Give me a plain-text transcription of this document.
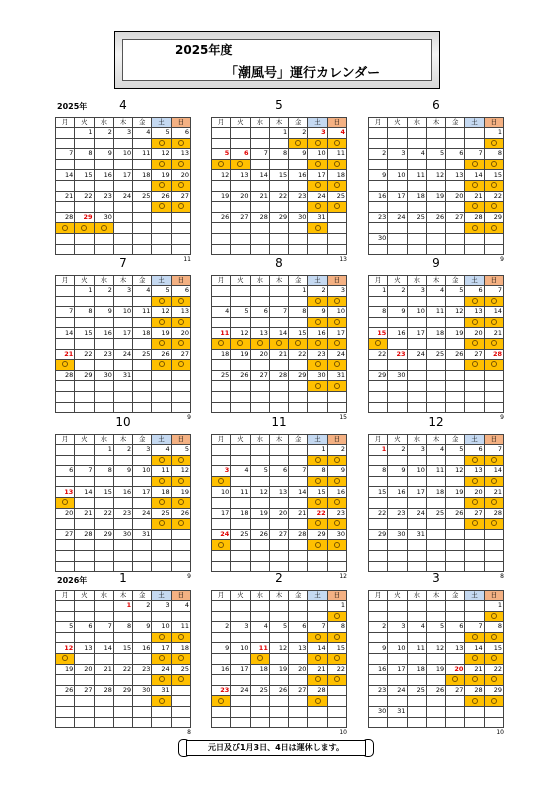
2025年度
「潮風号」運行カレンダー
2025年
2026年
4
月	火	水	木	金	土	日
	1	2	3	4	5	6

7	8	9	10	11	12	13

14	15	16	17	18	19	20

21	22	23	24	25	26	27

28	29	30				

11
5
月	火	水	木	金	土	日
			1	2	3	4

5	6	7	8	9	10	11

12	13	14	15	16	17	18

19	20	21	22	23	24	25

26	27	28	29	30	31	

13
6
月	火	水	木	金	土	日
						1

2	3	4	5	6	7	8

9	10	11	12	13	14	15

16	17	18	19	20	21	22

23	24	25	26	27	28	29

30						

9
7
月	火	水	木	金	土	日
	1	2	3	4	5	6

7	8	9	10	11	12	13

14	15	16	17	18	19	20

21	22	23	24	25	26	27

28	29	30	31			

9
8
月	火	水	木	金	土	日
				1	2	3

4	5	6	7	8	9	10

11	12	13	14	15	16	17

18	19	20	21	22	23	24

25	26	27	28	29	30	31

15
9
月	火	水	木	金	土	日
1	2	3	4	5	6	7

8	9	10	11	12	13	14

15	16	17	18	19	20	21

22	23	24	25	26	27	28

29	30					

9
10
月	火	水	木	金	土	日
		1	2	3	4	5

6	7	8	9	10	11	12

13	14	15	16	17	18	19

20	21	22	23	24	25	26

27	28	29	30	31		

9
11
月	火	水	木	金	土	日
					1	2

3	4	5	6	7	8	9

10	11	12	13	14	15	16

17	18	19	20	21	22	23

24	25	26	27	28	29	30

12
12
月	火	水	木	金	土	日
1	2	3	4	5	6	7

8	9	10	11	12	13	14

15	16	17	18	19	20	21

22	23	24	25	26	27	28

29	30	31				

8
1
月	火	水	木	金	土	日
			1	2	3	4

5	6	7	8	9	10	11

12	13	14	15	16	17	18

19	20	21	22	23	24	25

26	27	28	29	30	31	

8
2
月	火	水	木	金	土	日
						1

2	3	4	5	6	7	8

9	10	11	12	13	14	15

16	17	18	19	20	21	22

23	24	25	26	27	28	

10
3
月	火	水	木	金	土	日
						1

2	3	4	5	6	7	8

9	10	11	12	13	14	15

16	17	18	19	20	21	22

23	24	25	26	27	28	29

30	31					

10
元日及び1月3日、4日は運休します。
